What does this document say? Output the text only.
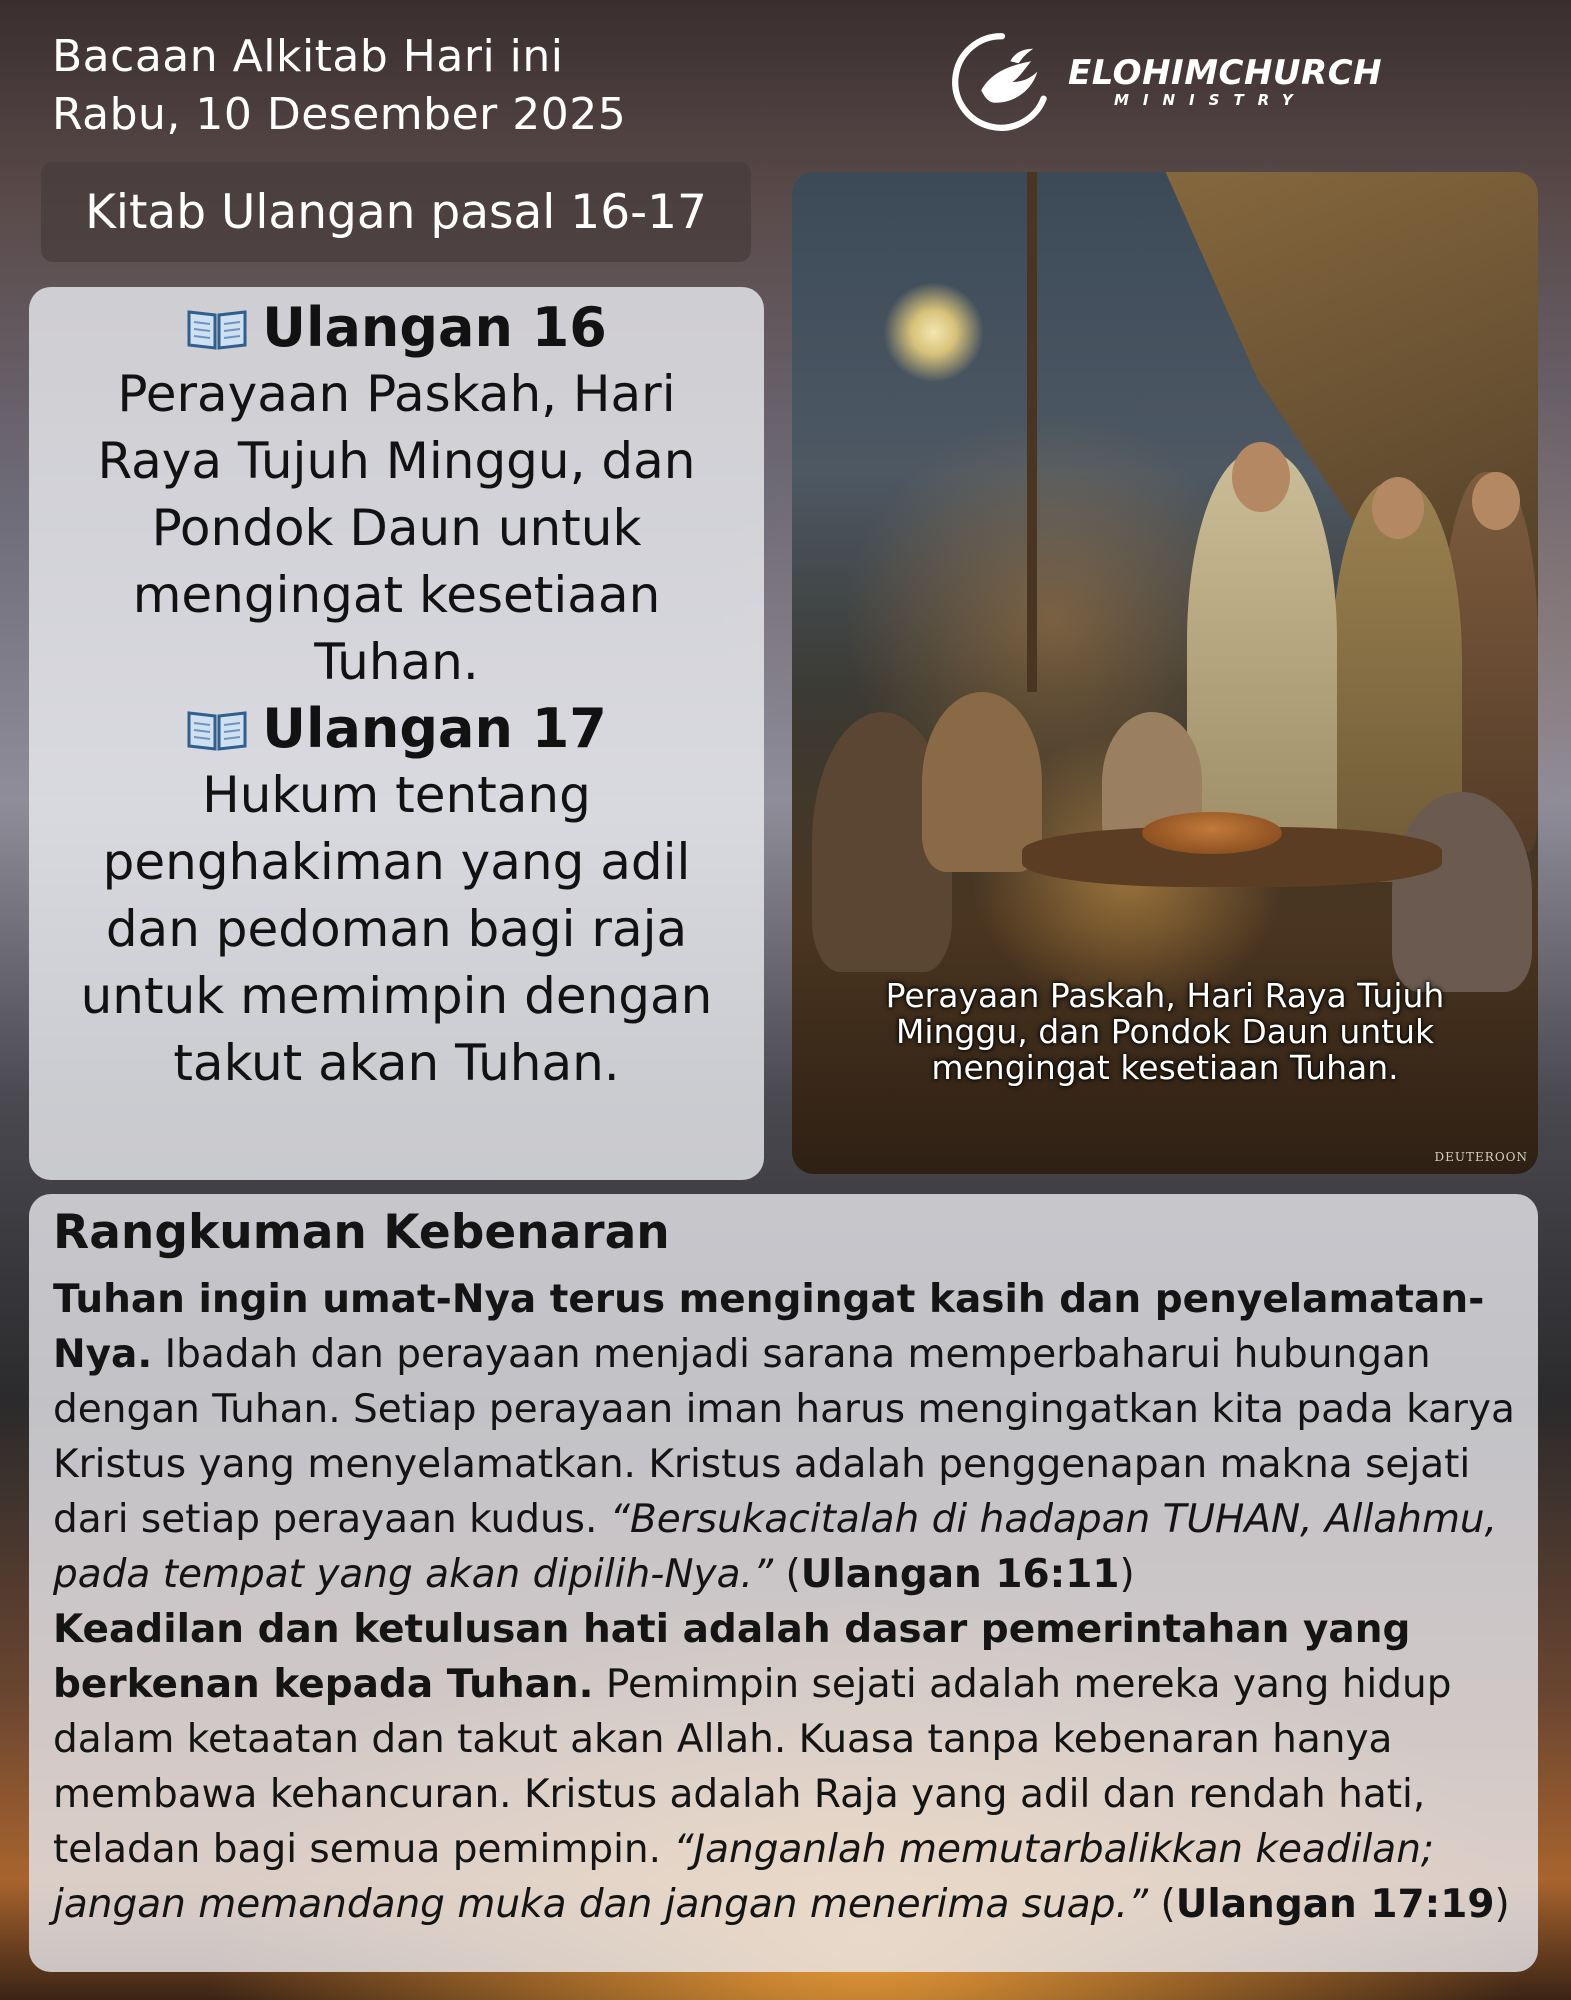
Bacaan Alkitab Hari ini
Rabu, 10 Desember 2025
ELOHIMCHURCH
MINISTRY
Kitab Ulangan pasal 16-17
Ulangan 16
Perayaan Paskah, Hari Raya Tujuh Minggu, dan Pondok Daun untuk mengingat kesetiaan Tuhan.
Ulangan 17
Hukum tentang penghakiman yang adil dan pedoman bagi raja untuk memimpin dengan takut akan Tuhan.
Perayaan Paskah, Hari Raya Tujuh Minggu, dan Pondok Daun untuk mengingat kesetiaan Tuhan.
DEUTEROON
Rangkuman Kebenaran

Tuhan ingin umat-Nya terus mengingat kasih dan penyelamatan-Nya. Ibadah dan perayaan menjadi sarana memperbaharui hubungan dengan Tuhan. Setiap perayaan iman harus mengingatkan kita pada karya Kristus yang menyelamatkan. Kristus adalah penggenapan makna sejati dari setiap perayaan kudus. “Bersukacitalah di hadapan TUHAN, Allahmu, pada tempat yang akan dipilih-Nya.” (Ulangan 16:11)

Keadilan dan ketulusan hati adalah dasar pemerintahan yang berkenan kepada Tuhan. Pemimpin sejati adalah mereka yang hidup dalam ketaatan dan takut akan Allah. Kuasa tanpa kebenaran hanya membawa kehancuran. Kristus adalah Raja yang adil dan rendah hati, teladan bagi semua pemimpin. “Janganlah memutarbalikkan keadilan; jangan memandang muka dan jangan menerima suap.” (Ulangan 17:19)
